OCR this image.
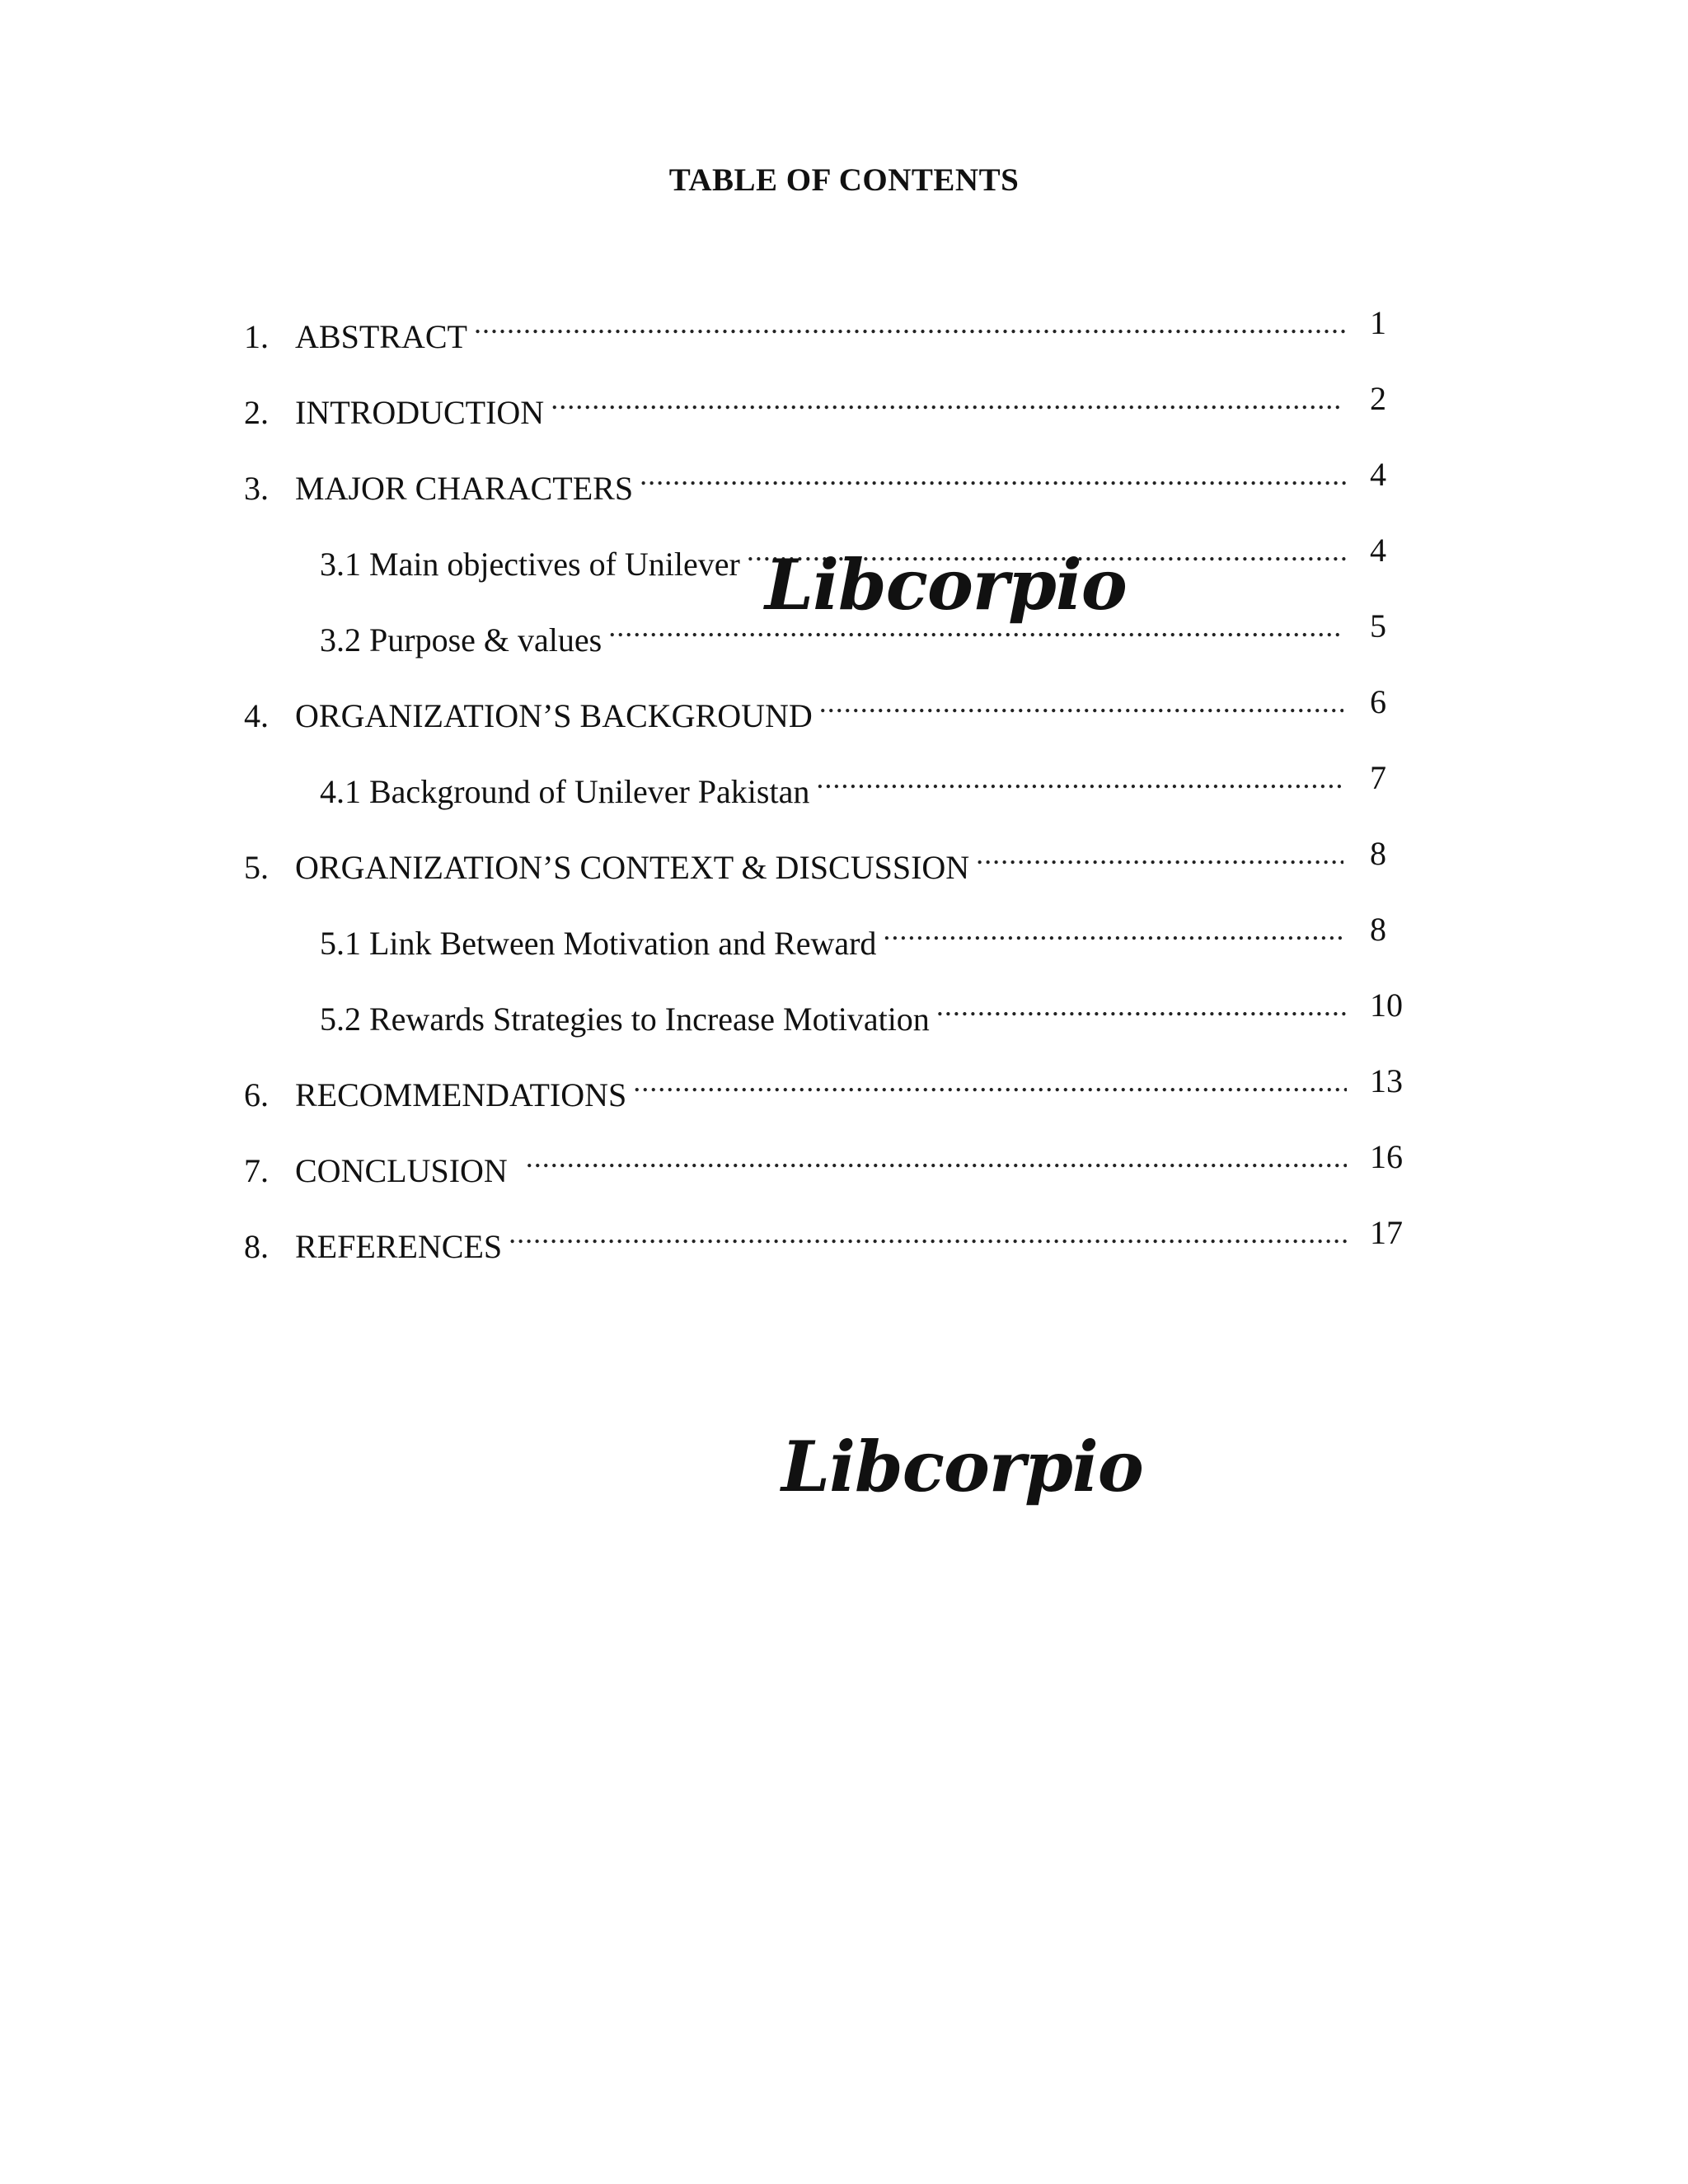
TABLE OF CONTENTS
1. ABSTRACT .....	1
2. INTRODUCTION .....	2
3. MAJOR CHARACTERS .....	4
3.1 Main objectives of Unilever .....	4
3.2 Purpose & values .....	5
4. ORGANIZATION’S BACKGROUND .....	6
4.1 Background of Unilever Pakistan .....	7
5. ORGANIZATION’S CONTEXT & DISCUSSION .....	8
5.1 Link Between Motivation and Reward .....	8
5.2 Rewards Strategies to Increase Motivation .....	10
6. RECOMMENDATIONS .....	13
7. CONCLUSION .....	16
8. REFERENCES .....	17
Libcorpio
Libcorpio
